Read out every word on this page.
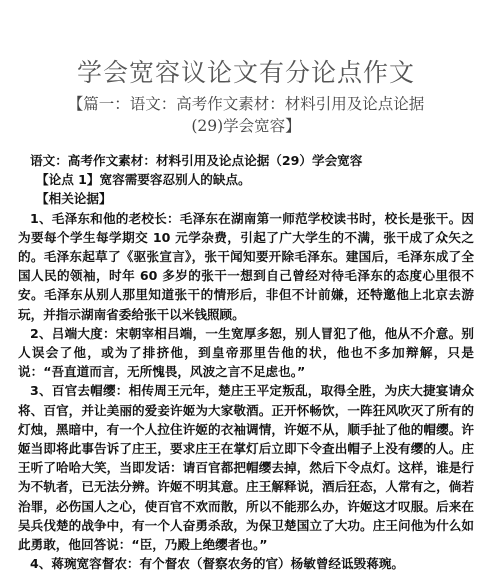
学会宽容议论文有分论点作文

【篇一：语文：高考作文素材：材料引用及论点论据

(29)学会宽容】

语文：高考作文素材：材料引用及论点论据（29）学会宽容

【论点 1】宽容需要容忍别人的缺点。

【相关论据】

1、毛泽东和他的老校长：毛泽东在湖南第一师范学校读书时，校长是张干。因为要每个学生每学期交 10 元学杂费，引起了广大学生的不满，张干成了众矢之的。毛泽东起草了《驱张宣言》，张干闻知要开除毛泽东。建国后，毛泽东成了全国人民的领袖，时年 60 多岁的张干一想到自己曾经对待毛泽东的态度心里很不安。毛泽东从别人那里知道张干的情形后，非但不计前嫌，还特邀他上北京去游玩，并指示湖南省委给张干以米钱照顾。

2、吕端大度：宋朝宰相吕端，一生宽厚多恕，别人冒犯了他，他从不介意。别人误会了他，或为了排挤他，到皇帝那里告他的状，他也不多加辩解，只是说：“吾直道而言，无所愧畏，风波之言不足虑也。”

3、百官去帽缨：相传周王元年，楚庄王平定叛乱，取得全胜，为庆大捷宴请众将、百官，并让美丽的爱妾许姬为大家敬酒。正开怀畅饮，一阵狂风吹灭了所有的灯烛，黑暗中，有一个人拉住许姬的衣袖调情，许姬不从，顺手扯了他的帽缨。许姬当即将此事告诉了庄王，要求庄王在掌灯后立即下令查出帽子上没有缨的人。庄王听了哈哈大笑，当即发话：请百官都把帽缨去掉，然后下令点灯。这样，谁是行为不轨者，已无法分辨。许姬不明其意。庄王解释说，酒后狂态，人常有之，倘若治罪，必伤国人之心，使百官不欢而散，所以不能那么办，许姬这才叹服。后来在吴兵伐楚的战争中，有一个人奋勇杀敌，为保卫楚国立了大功。庄王问他为什么如此勇敢，他回答说：“臣，乃殿上绝缨者也。”

4、蒋琬宽容督农：有个督农（督察农务的官）杨敏曾经诋毁蒋琬。
